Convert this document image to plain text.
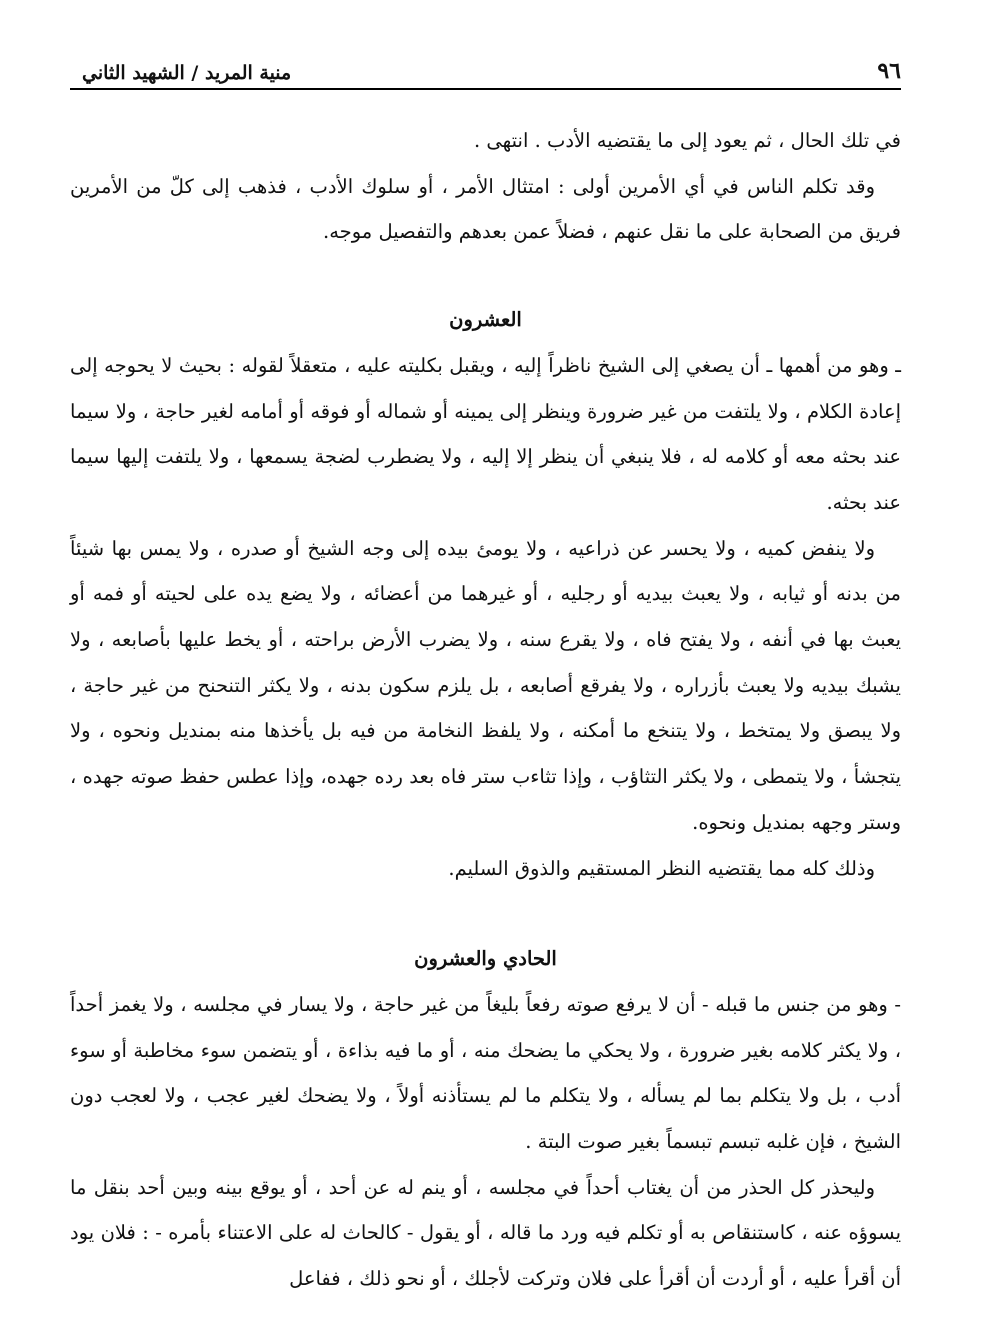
٩٦
منية المريد / الشهيد الثاني

في تلك الحال ، ثم يعود إلى ما يقتضيه الأدب . انتهى .

وقد تكلم الناس في أي الأمرين أولى : امتثال الأمر ، أو سلوك الأدب ، فذهب إلى كلّ من الأمرين فريق من الصحابة على ما نقل عنهم ، فضلاً عمن بعدهم والتفصيل موجه.

العشرون

ـ وهو من أهمها ـ أن يصغي إلى الشيخ ناظراً إليه ، ويقبل بكليته عليه ، متعقلاً لقوله : بحيث لا يحوجه إلى إعادة الكلام ، ولا يلتفت من غير ضرورة وينظر إلى يمينه أو شماله أو فوقه أو أمامه لغير حاجة ، ولا سيما عند بحثه معه أو كلامه له ، فلا ينبغي أن ينظر إلا إليه ، ولا يضطرب لضجة يسمعها ، ولا يلتفت إليها سيما عند بحثه.

ولا ينفض كميه ، ولا يحسر عن ذراعيه ، ولا يومئ بيده إلى وجه الشيخ أو صدره ، ولا يمس بها شيئاً من بدنه أو ثيابه ، ولا يعبث بيديه أو رجليه ، أو غيرهما من أعضائه ، ولا يضع يده على لحيته أو فمه أو يعبث بها في أنفه ، ولا يفتح فاه ، ولا يقرع سنه ، ولا يضرب الأرض براحته ، أو يخط عليها بأصابعه ، ولا يشبك بيديه ولا يعبث بأزراره ، ولا يفرقع أصابعه ، بل يلزم سكون بدنه ، ولا يكثر التنحنح من غير حاجة ، ولا يبصق ولا يمتخط ، ولا يتنخع ما أمكنه ، ولا يلفظ النخامة من فيه بل يأخذها منه بمنديل ونحوه ، ولا يتجشأ ، ولا يتمطى ، ولا يكثر التثاؤب ، وإذا تثاءب ستر فاه بعد رده جهده، وإذا عطس حفظ صوته جهده ، وستر وجهه بمنديل ونحوه.

وذلك كله مما يقتضيه النظر المستقيم والذوق السليم.

الحادي والعشرون

- وهو من جنس ما قبله - أن لا يرفع صوته رفعاً بليغاً من غير حاجة ، ولا يسار في مجلسه ، ولا يغمز أحداً ، ولا يكثر كلامه بغير ضرورة ، ولا يحكي ما يضحك منه ، أو ما فيه بذاءة ، أو يتضمن سوء مخاطبة أو سوء أدب ، بل ولا يتكلم بما لم يسأله ، ولا يتكلم ما لم يستأذنه أولاً ، ولا يضحك لغير عجب ، ولا لعجب دون الشيخ ، فإن غلبه تبسم تبسماً بغير صوت البتة .

وليحذر كل الحذر من أن يغتاب أحداً في مجلسه ، أو ينم له عن أحد ، أو يوقع بينه وبين أحد بنقل ما يسوؤه عنه ، كاستنقاص به أو تكلم فيه ورد ما قاله ، أو يقول - كالحاث له على الاعتناء بأمره - : فلان يود أن أقرأ عليه ، أو أردت أن أقرأ على فلان وتركت لأجلك ، أو نحو ذلك ، ففاعل
